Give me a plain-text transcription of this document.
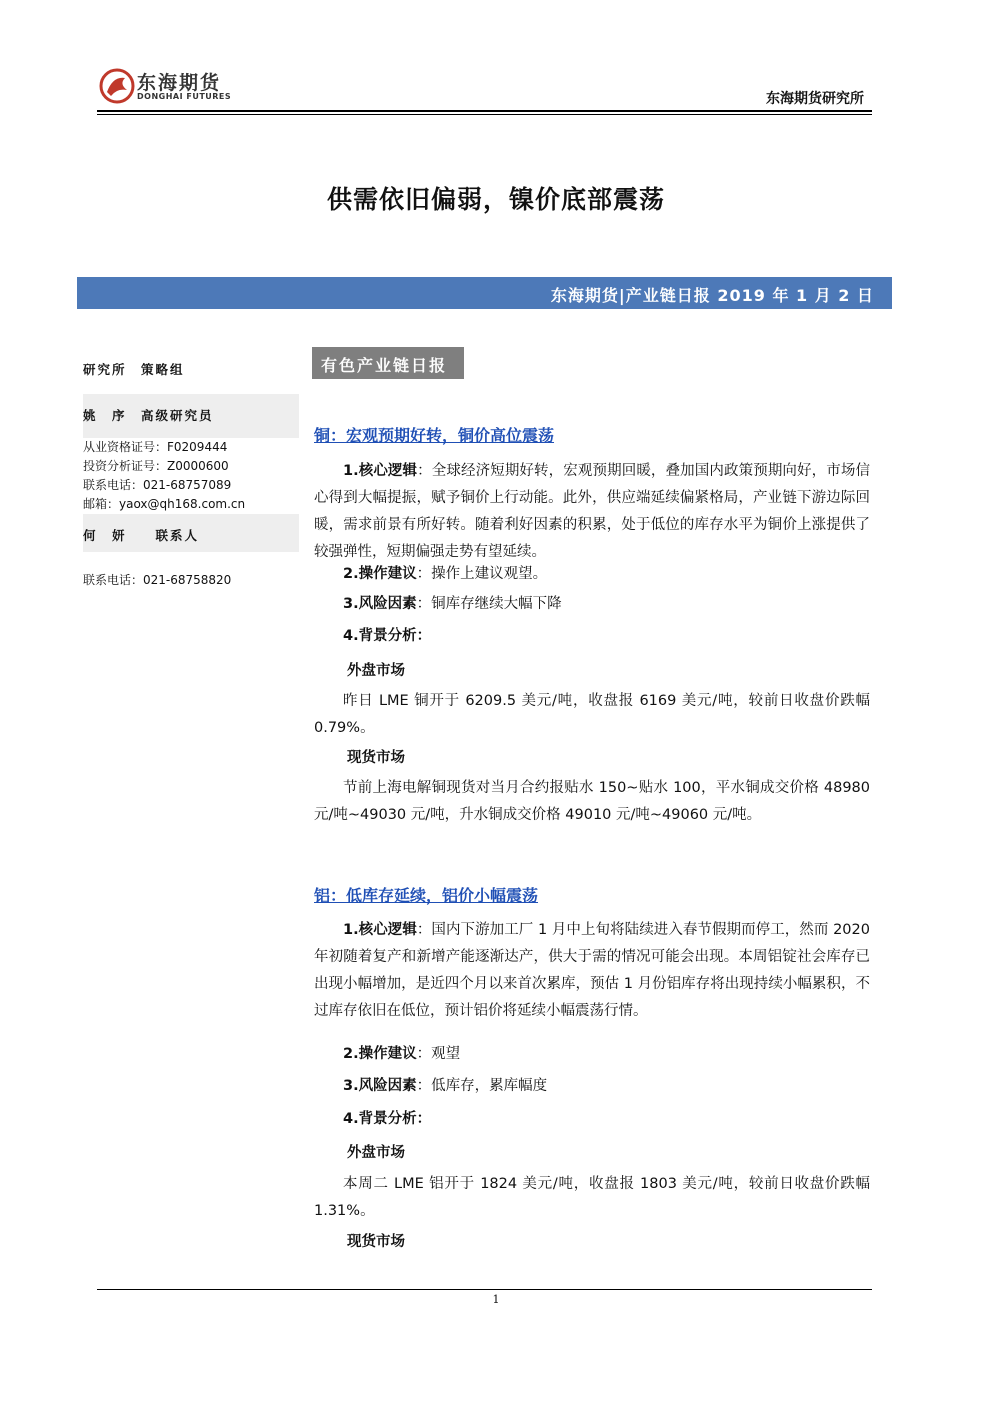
东海期货
DONGHAI FUTURES	东海期货研究所
供需依旧偏弱，镍价底部震荡
东海期货|产业链日报 2019 年 1 月 2 日
研究所　策略组
姚　序　高级研究员
从业资格证号：F0209444
投资分析证号：Z0000600
联系电话：021-68757089
邮箱：yaox@qh168.com.cn
何　妍　　联系人
联系电话：021-68758820
有色产业链日报
铜：宏观预期好转，铜价高位震荡
1.核心逻辑：全球经济短期好转，宏观预期回暖，叠加国内政策预期向好，市场信心得到大幅提振，赋予铜价上行动能。此外，供应端延续偏紧格局，产业链下游边际回暖，需求前景有所好转。随着利好因素的积累，处于低位的库存水平为铜价上涨提供了较强弹性，短期偏强走势有望延续。
2.操作建议：操作上建议观望。
3.风险因素：铜库存继续大幅下降
4.背景分析：
外盘市场
昨日 LME 铜开于 6209.5 美元/吨，收盘报 6169 美元/吨，较前日收盘价跌幅 0.79%。
现货市场
节前上海电解铜现货对当月合约报贴水 150~贴水 100，平水铜成交价格 48980 元/吨~49030 元/吨，升水铜成交价格 49010 元/吨~49060 元/吨。
铝：低库存延续，铝价小幅震荡
1.核心逻辑：国内下游加工厂 1 月中上旬将陆续进入春节假期而停工，然而 2020 年初随着复产和新增产能逐渐达产，供大于需的情况可能会出现。本周铝锭社会库存已出现小幅增加，是近四个月以来首次累库，预估 1 月份铝库存将出现持续小幅累积，不过库存依旧在低位，预计铝价将延续小幅震荡行情。
2.操作建议：观望
3.风险因素：低库存，累库幅度
4.背景分析：
外盘市场
本周二 LME 铝开于 1824 美元/吨，收盘报 1803 美元/吨，较前日收盘价跌幅 1.31%。
现货市场
1
